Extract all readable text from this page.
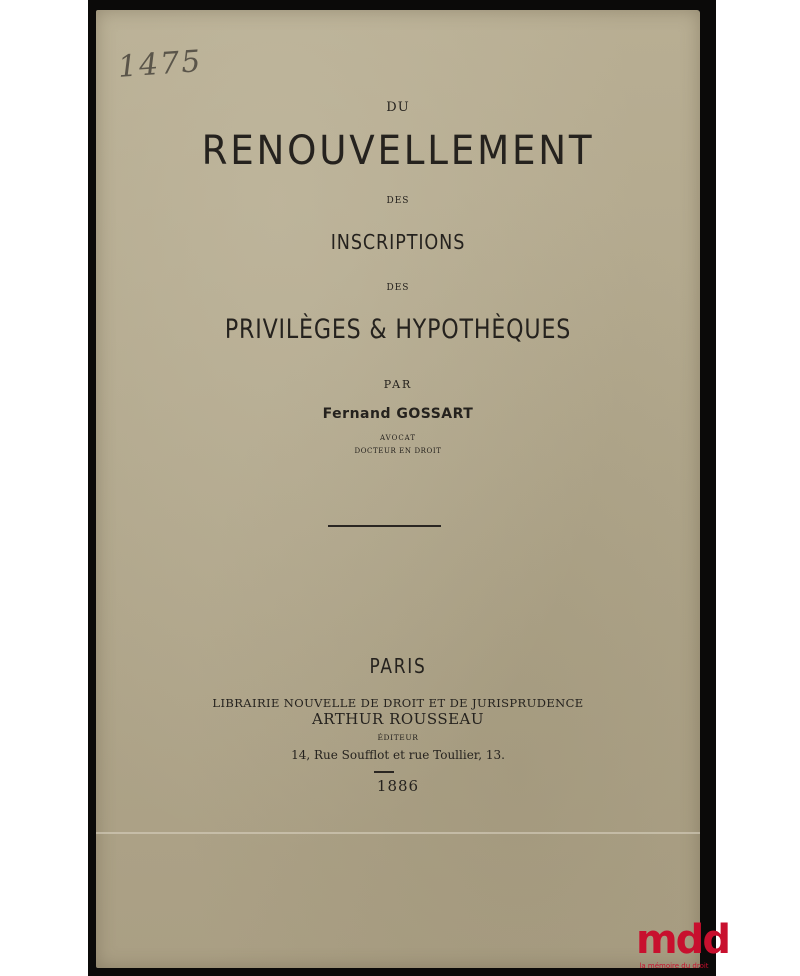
1475
DU
RENOUVELLEMENT
DES
INSCRIPTIONS
DES
PRIVILÈGES & HYPOTHÈQUES
PAR
Fernand GOSSART
AVOCAT
DOCTEUR EN DROIT
PARIS
LIBRAIRIE NOUVELLE DE DROIT ET DE JURISPRUDENCE
ARTHUR ROUSSEAU
ÉDITEUR
14, Rue Soufflot et rue Toullier, 13.
1886
mdd
la mémoire du droit
